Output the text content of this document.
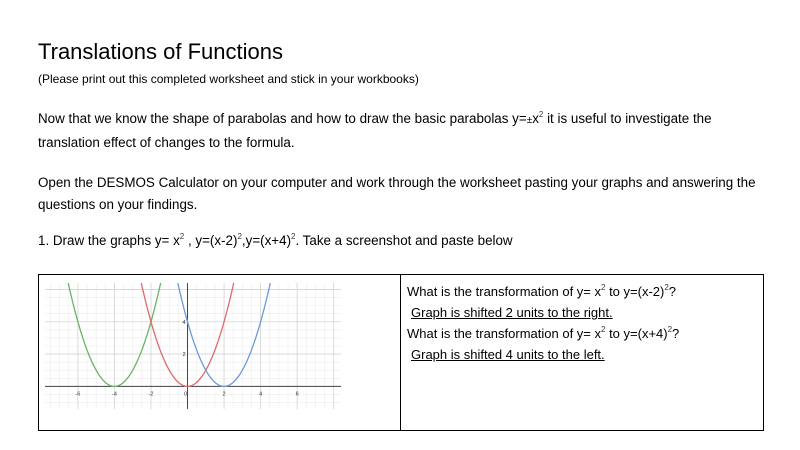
Translations of Functions
(Please print out this completed worksheet and stick in your workbooks)
Now that we know the shape of parabolas and how to draw the basic parabolas $y=\pm x^2$ it is useful to investigate the translation effect of changes to the formula.
Open the DESMOS Calculator on your computer and work through the worksheet pasting your graphs and answering the questions on your findings.
1. Draw the graphs $y= x^2$ , $y=(x-2)^2,y=(x+4)^2$. Take a screenshot and paste below
-6	-4	-2	0	2	4	6
2
4

What is the transformation of $y= x^2$ to $y=(x-2)^2$?
Graph is shifted 2 units to the right.
What is the transformation of $y= x^2$ to $y=(x+4)^2$?
Graph is shifted 4 units to the left.
